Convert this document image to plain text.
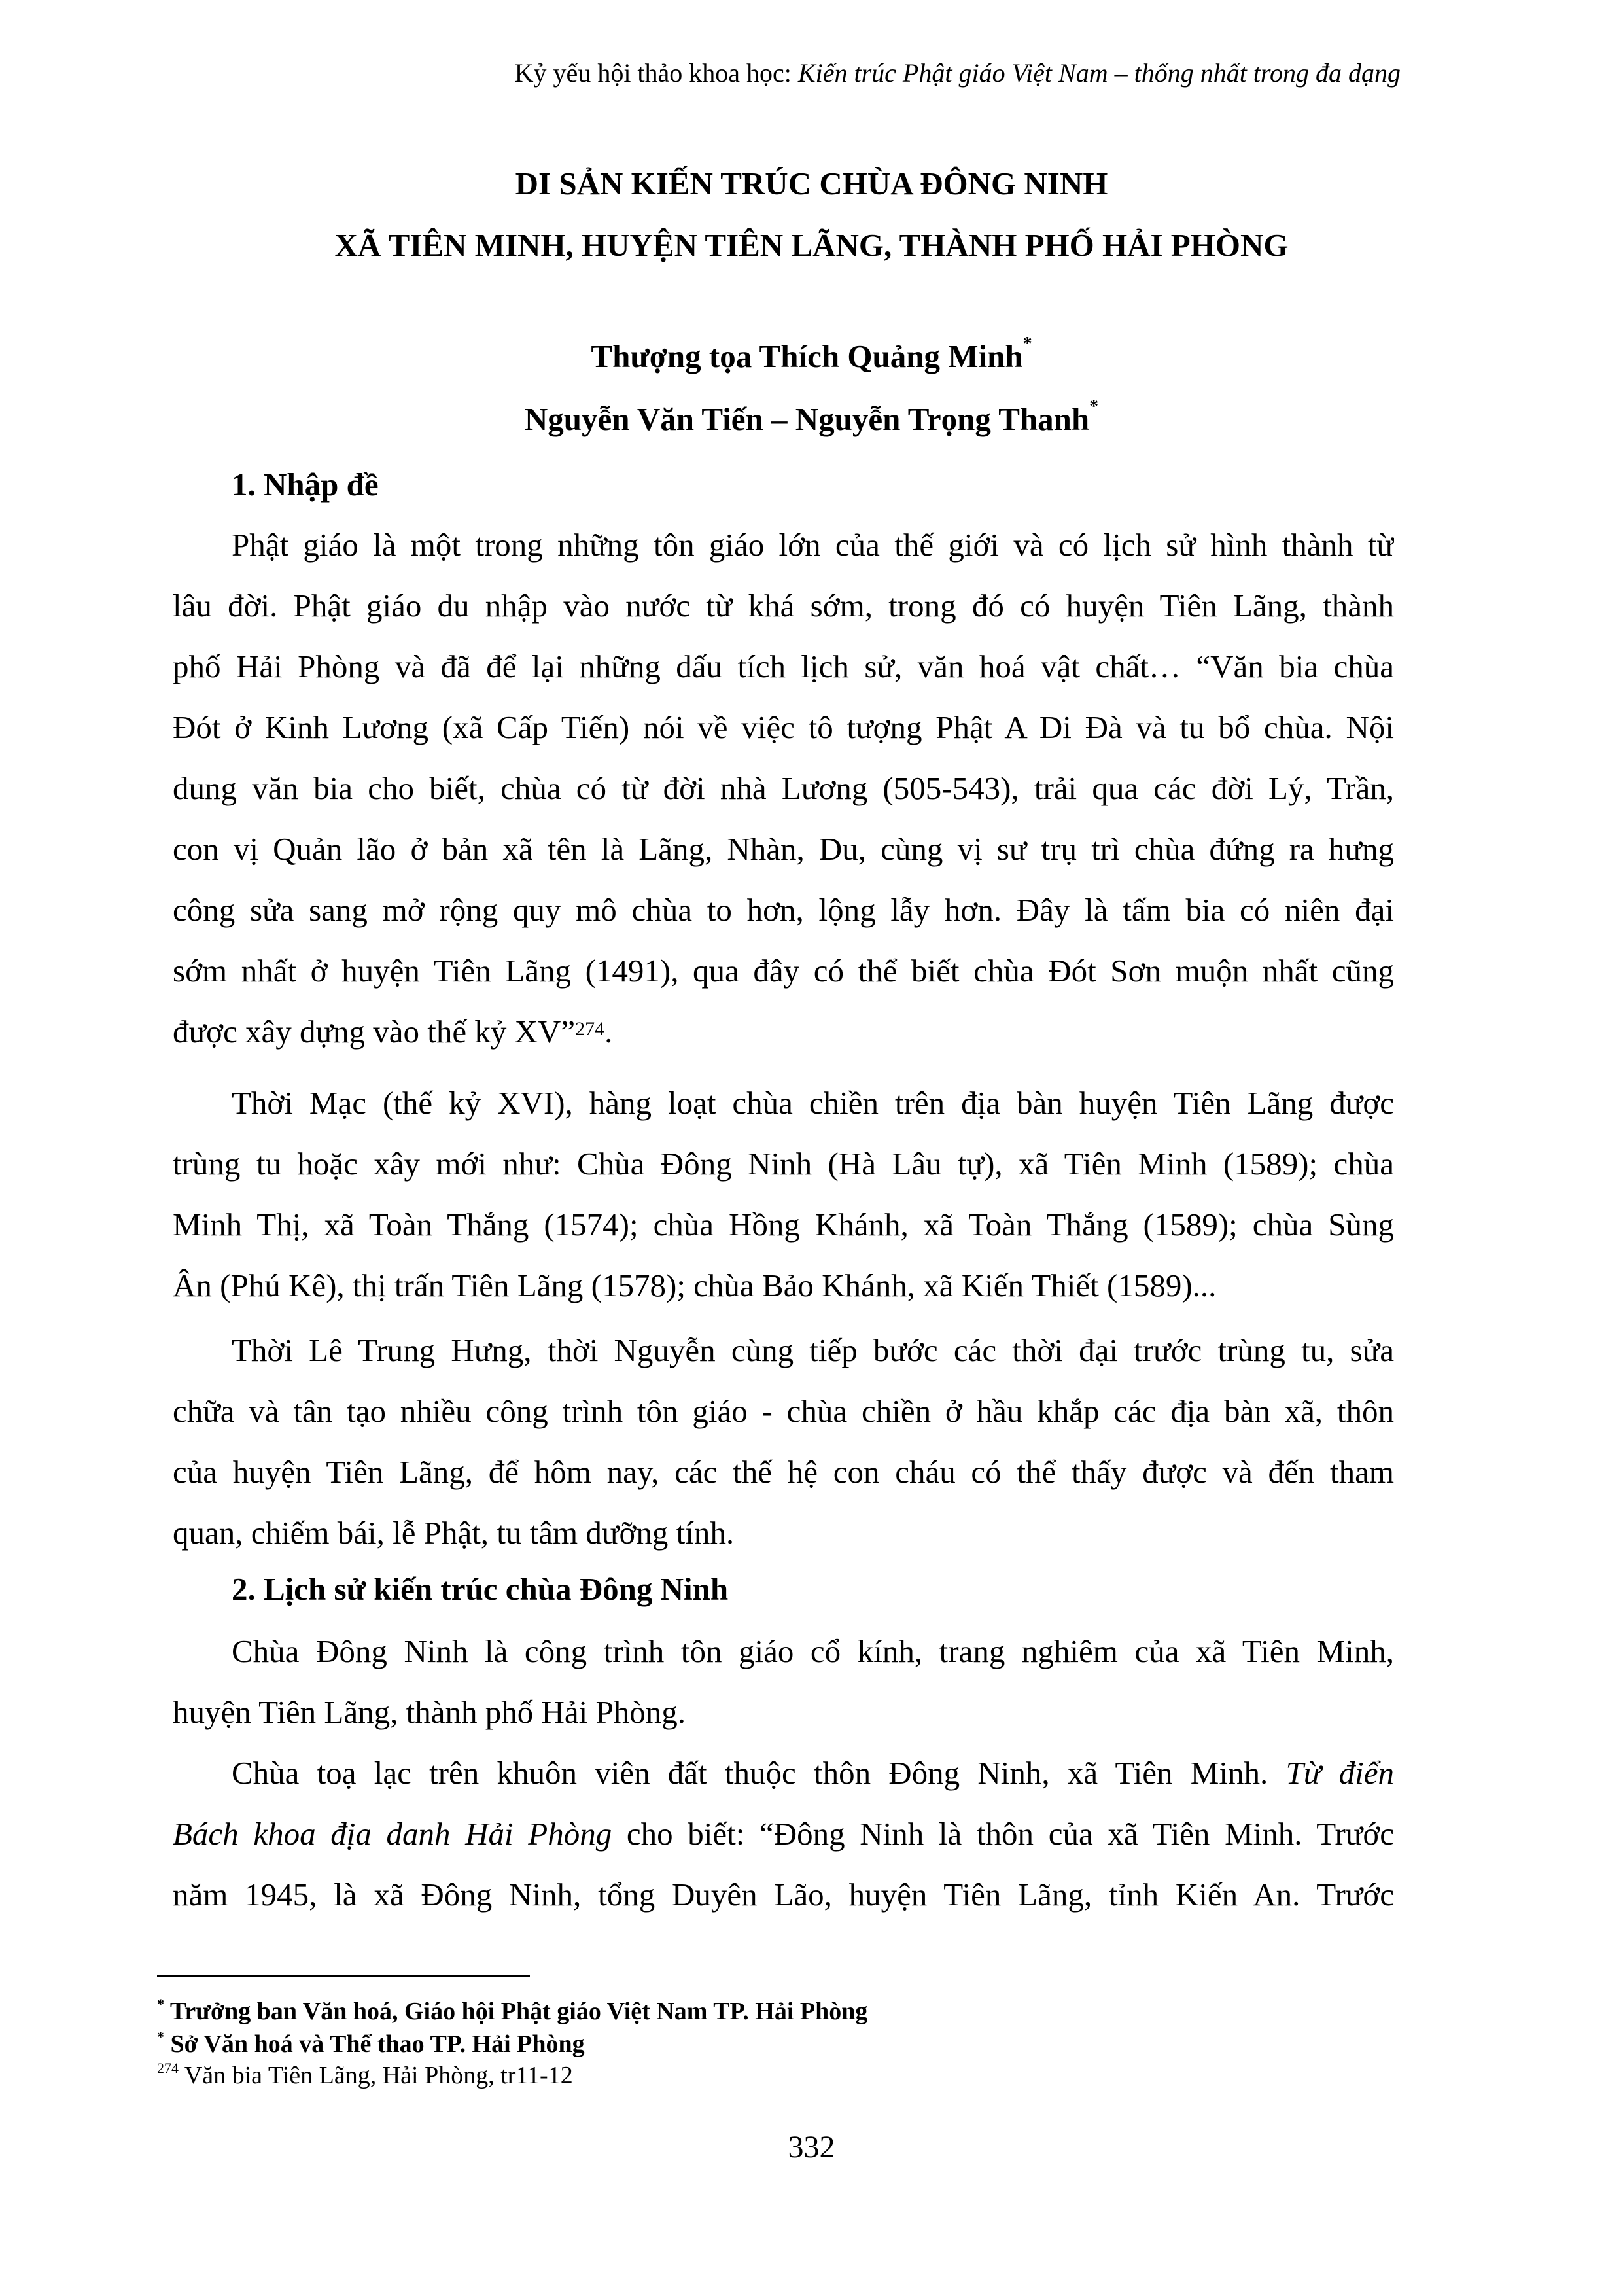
Kỷ yếu hội thảo khoa học: Kiến trúc Phật giáo Việt Nam – thống nhất trong đa dạng
DI SẢN KIẾN TRÚC CHÙA ĐÔNG NINH
XÃ TIÊN MINH, HUYỆN TIÊN LÃNG, THÀNH PHỐ HẢI PHÒNG
Thượng tọa Thích Quảng Minh*
Nguyễn Văn Tiến – Nguyễn Trọng Thanh*
1. Nhập đề
Phật giáo là một trong những tôn giáo lớn của thế giới và có lịch sử hình thành từ
lâu đời. Phật giáo du nhập vào nước từ khá sớm, trong đó có huyện Tiên Lãng, thành
phố Hải Phòng và đã để lại những dấu tích lịch sử, văn hoá vật chất… “Văn bia chùa
Đót ở Kinh Lương (xã Cấp Tiến) nói về việc tô tượng Phật A Di Đà và tu bổ chùa. Nội
dung văn bia cho biết, chùa có từ đời nhà Lương (505-543), trải qua các đời Lý, Trần,
con vị Quản lão ở bản xã tên là Lãng, Nhàn, Du, cùng vị sư trụ trì chùa đứng ra hưng
công sửa sang mở rộng quy mô chùa to hơn, lộng lẫy hơn. Đây là tấm bia có niên đại
sớm nhất ở huyện Tiên Lãng (1491), qua đây có thể biết chùa Đót Sơn muộn nhất cũng
được xây dựng vào thế kỷ XV”$^{274}$.
Thời Mạc (thế kỷ XVI), hàng loạt chùa chiền trên địa bàn huyện Tiên Lãng được
trùng tu hoặc xây mới như: Chùa Đông Ninh (Hà Lâu tự), xã Tiên Minh (1589); chùa
Minh Thị, xã Toàn Thắng (1574); chùa Hồng Khánh, xã Toàn Thắng (1589); chùa Sùng
Ân (Phú Kê), thị trấn Tiên Lãng (1578); chùa Bảo Khánh, xã Kiến Thiết (1589)...
Thời Lê Trung Hưng, thời Nguyễn cùng tiếp bước các thời đại trước trùng tu, sửa
chữa và tân tạo nhiều công trình tôn giáo - chùa chiền ở hầu khắp các địa bàn xã, thôn
của huyện Tiên Lãng, để hôm nay, các thế hệ con cháu có thể thấy được và đến tham
quan, chiếm bái, lễ Phật, tu tâm dưỡng tính.
2. Lịch sử kiến trúc chùa Đông Ninh
Chùa Đông Ninh là công trình tôn giáo cổ kính, trang nghiêm của xã Tiên Minh,
huyện Tiên Lãng, thành phố Hải Phòng.
Chùa toạ lạc trên khuôn viên đất thuộc thôn Đông Ninh, xã Tiên Minh. Từ điển
Bách khoa địa danh Hải Phòng cho biết: “Đông Ninh là thôn của xã Tiên Minh. Trước
năm 1945, là xã Đông Ninh, tổng Duyên Lão, huyện Tiên Lãng, tỉnh Kiến An. Trước
* Trưởng ban Văn hoá, Giáo hội Phật giáo Việt Nam TP. Hải Phòng
* Sở Văn hoá và Thể thao TP. Hải Phòng
$^{274}$ Văn bia Tiên Lãng, Hải Phòng, tr11-12
332
